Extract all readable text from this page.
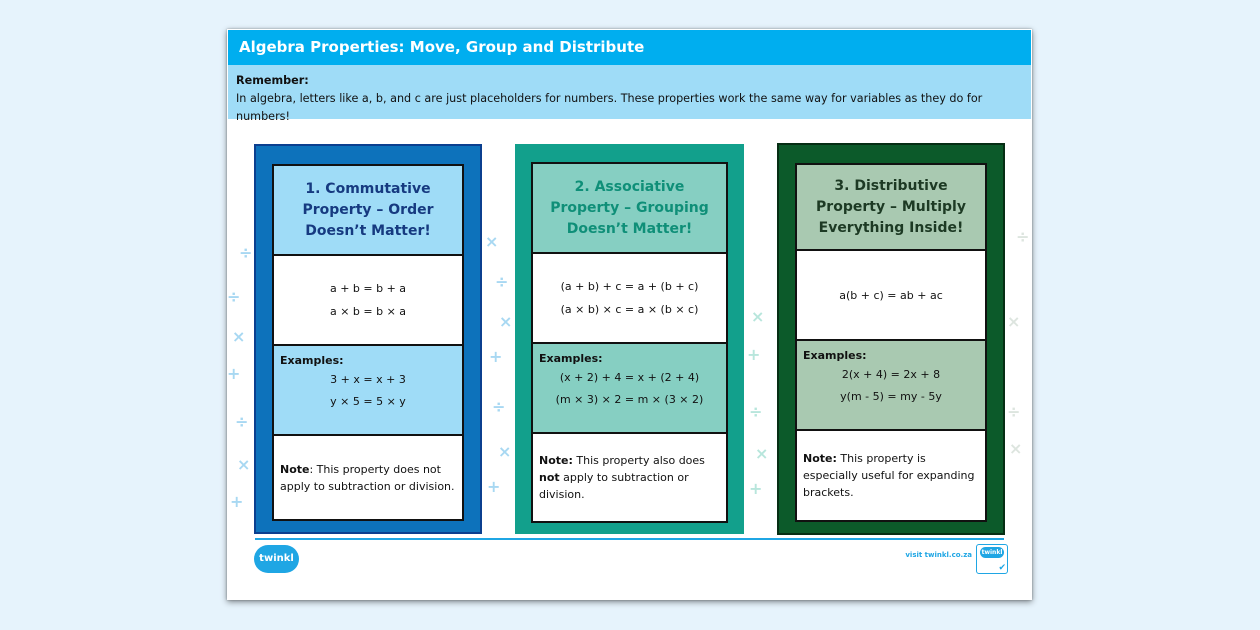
Algebra Properties: Move, Group and Distribute
Remember:
In algebra, letters like a, b, and c are just placeholders for numbers. These properties work the same way for variables as they do for numbers!
÷
÷
×
+
÷
×
+
×
÷
×
+
÷
×
+
×
+
÷
×
+
÷
×
÷
×
1. Commutative Property – Order Doesn’t Matter!
a + b = b + a
a × b = b × a
Examples:
3 + x = x + 3
y × 5 = 5 × y
Note: This property does not apply to subtraction or division.
2. Associative Property – Grouping Doesn’t Matter!
(a + b) + c = a + (b + c)
(a × b) × c = a × (b × c)
Examples:
(x + 2) + 4 = x + (2 + 4)
(m × 3) × 2 = m × (3 × 2)
Note: This property also does not apply to subtraction or division.
3. Distributive Property – Multiply Everything Inside!
a(b + c) = ab + ac
Examples:
2(x + 4) = 2x + 8
y(m - 5) = my - 5y
Note: This property is especially useful for expanding brackets.
twinkl	visit twinkl.co.za twinkl
✔
